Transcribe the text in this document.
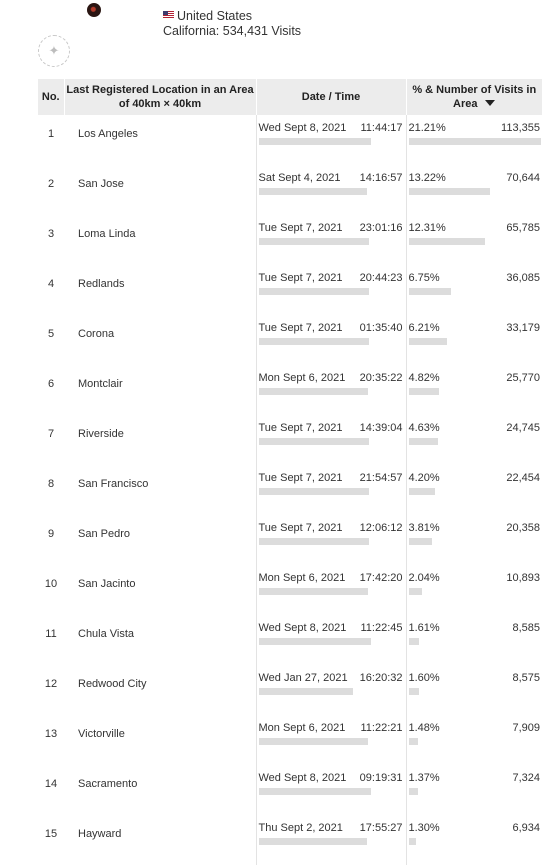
✦
United States
California: 534,431 Visits
No.	Last Registered Location in an Area of 40km × 40km	Date / Time	% & Number of Visits in Area
1	Los Angeles	Wed Sept 8, 2021 11:44:17	21.21% 113,355

2	San Jose	Sat Sept 4, 2021 14:16:57	13.22% 70,644

3	Loma Linda	Tue Sept 7, 2021 23:01:16	12.31% 65,785

4	Redlands	Tue Sept 7, 2021 20:44:23	6.75% 36,085

5	Corona	Tue Sept 7, 2021 01:35:40	6.21% 33,179

6	Montclair	Mon Sept 6, 2021 20:35:22	4.82% 25,770

7	Riverside	Tue Sept 7, 2021 14:39:04	4.63% 24,745

8	San Francisco	Tue Sept 7, 2021 21:54:57	4.20% 22,454

9	San Pedro	Tue Sept 7, 2021 12:06:12	3.81% 20,358

10	San Jacinto	Mon Sept 6, 2021 17:42:20	2.04% 10,893

11	Chula Vista	Wed Sept 8, 2021 11:22:45	1.61% 8,585

12	Redwood City	Wed Jan 27, 2021 16:20:32	1.60% 8,575

13	Victorville	Mon Sept 6, 2021 11:22:21	1.48% 7,909

14	Sacramento	Wed Sept 8, 2021 09:19:31	1.37% 7,324

15	Hayward	Thu Sept 2, 2021 17:55:27	1.30% 6,934
